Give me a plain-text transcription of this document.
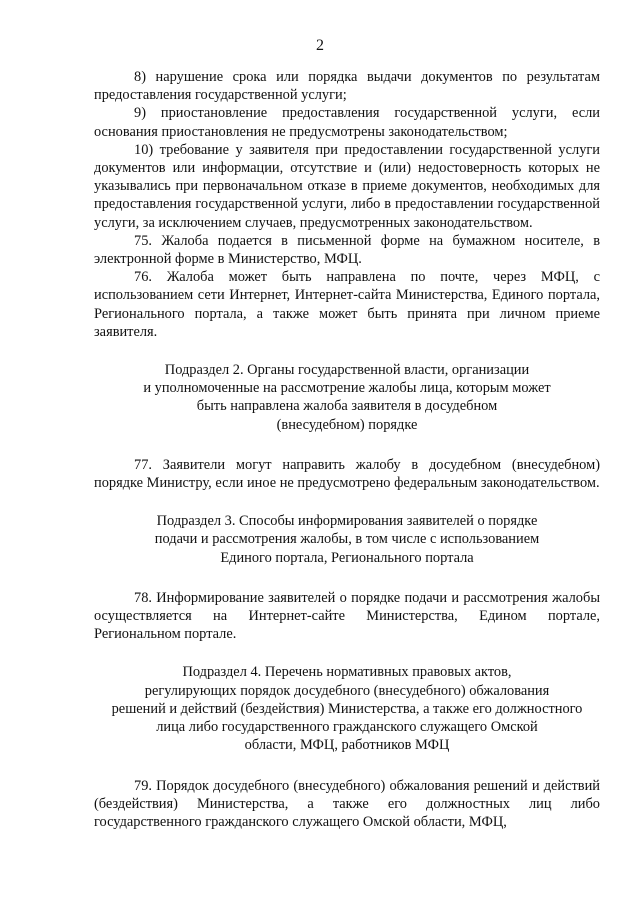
2

8) нарушение срока или порядка выдачи документов по результатам предоставления государственной услуги;

9) приостановление предоставления государственной услуги, если основания приостановления не предусмотрены законодательством;

10) требование у заявителя при предоставлении государственной услуги документов или информации, отсутствие и (или) недостоверность которых не указывались при первоначальном отказе в приеме документов, необходимых для предоставления государственной услуги, либо в предоставлении государственной услуги, за исключением случаев, предусмотренных законодательством.

75. Жалоба подается в письменной форме на бумажном носителе, в электронной форме в Министерство, МФЦ.

76. Жалоба может быть направлена по почте, через МФЦ, с использованием сети Интернет, Интернет-сайта Министерства, Единого портала, Регионального портала, а также может быть принята при личном приеме заявителя.

Подраздел 2. Органы государственной власти, организации
и уполномоченные на рассмотрение жалобы лица, которым может
быть направлена жалоба заявителя в досудебном
(внесудебном) порядке

77. Заявители могут направить жалобу в досудебном (внесудебном) порядке Министру, если иное не предусмотрено федеральным законодательством.

Подраздел 3. Способы информирования заявителей о порядке
подачи и рассмотрения жалобы, в том числе с использованием
Единого портала, Регионального портала

78. Информирование заявителей о порядке подачи и рассмотрения жалобы осуществляется на Интернет-сайте Министерства, Едином портале, Региональном портале.

Подраздел 4. Перечень нормативных правовых актов,
регулирующих порядок досудебного (внесудебного) обжалования
решений и действий (бездействия) Министерства, а также его должностного
лица либо государственного гражданского служащего Омской
области, МФЦ, работников МФЦ

79. Порядок досудебного (внесудебного) обжалования решений и действий (бездействия) Министерства, а также его должностных лиц либо государственного гражданского служащего Омской области, МФЦ,
